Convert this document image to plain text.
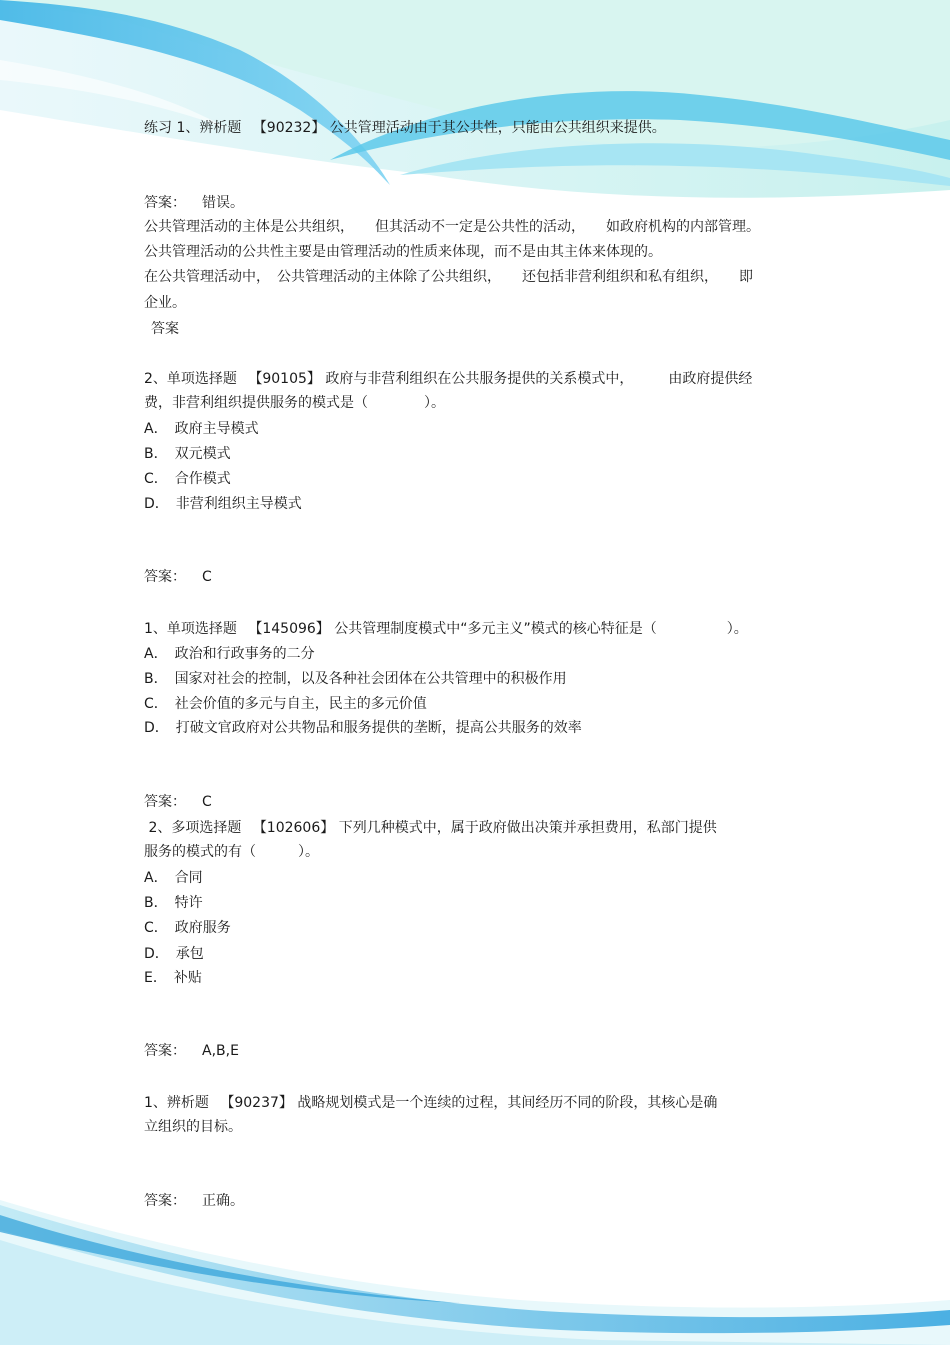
练习 1、辨析题 　【90232】 公共管理活动由于其公共性，只能由公共组织来提供。
答案： 错误。
公共管理活动的主体是公共组织，　　但其活动不一定是公共性的活动，　　如政府机构的内部管理。
公共管理活动的公共性主要是由管理活动的性质来体现，而不是由其主体来体现的。
在公共管理活动中，　公共管理活动的主体除了公共组织，　　还包括非营利组织和私有组织，　　即
企业。
答案
2、单项选择题 　【90105】 政府与非营利组织在公共服务提供的关系模式中，　　　由政府提供经
费，非营利组织提供服务的模式是（　　　　）。
A．　政府主导模式
B．　双元模式
C．　合作模式
D．　非营利组织主导模式
答案： C
1、单项选择题 　【145096】 公共管理制度模式中“多元主义”模式的核心特征是（　　　　　）。
A．　政治和行政事务的二分
B．　国家对社会的控制，以及各种社会团体在公共管理中的积极作用
C．　社会价值的多元与自主，民主的多元价值
D．　打破文官政府对公共物品和服务提供的垄断，提高公共服务的效率
答案： C
2、多项选择题 　【102606】 下列几种模式中，属于政府做出决策并承担费用，私部门提供
服务的模式的有（　　　）。
A．　合同
B．　特许
C．　政府服务
D．　承包
E．　补贴
答案： A,B,E
1、辨析题 　【90237】 战略规划模式是一个连续的过程，其间经历不同的阶段，其核心是确
立组织的目标。
答案： 正确。
